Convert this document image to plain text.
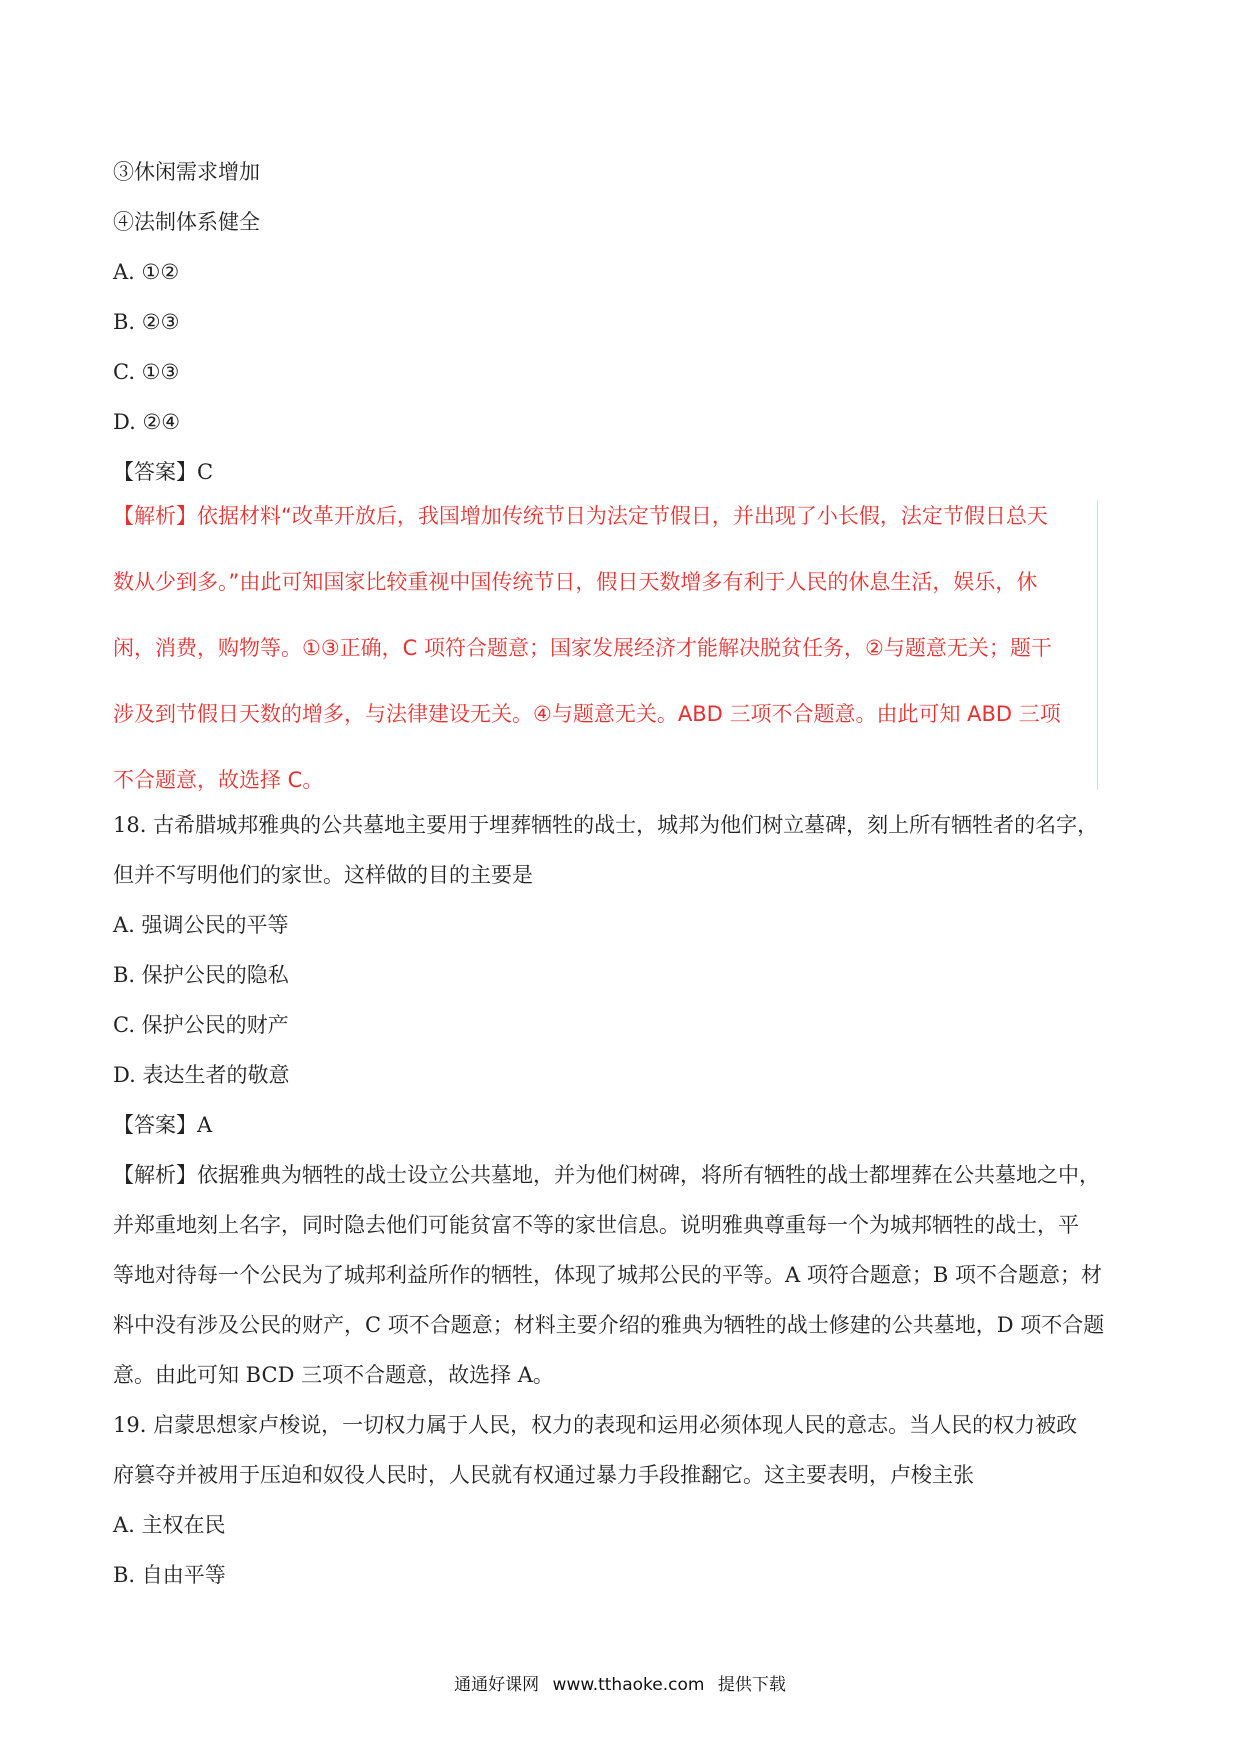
③休闲需求增加
④法制体系健全
A. ①②
B. ②③
C. ①③
D. ②④
【答案】C
【解析】依据材料“改革开放后，我国增加传统节日为法定节假日，并出现了小长假，法定节假日总天
数从少到多。”由此可知国家比较重视中国传统节日，假日天数增多有利于人民的休息生活，娱乐，休
闲，消费，购物等。①③正确，C 项符合题意；国家发展经济才能解决脱贫任务，②与题意无关；题干
涉及到节假日天数的增多，与法律建设无关。④与题意无关。ABD 三项不合题意。由此可知 ABD 三项
不合题意，故选择 C。
18. 古希腊城邦雅典的公共墓地主要用于埋葬牺牲的战士，城邦为他们树立墓碑，刻上所有牺牲者的名字，
但并不写明他们的家世。这样做的目的主要是
A. 强调公民的平等
B. 保护公民的隐私
C. 保护公民的财产
D. 表达生者的敬意
【答案】A
【解析】依据雅典为牺牲的战士设立公共墓地，并为他们树碑，将所有牺牲的战士都埋葬在公共墓地之中，
并郑重地刻上名字，同时隐去他们可能贫富不等的家世信息。说明雅典尊重每一个为城邦牺牲的战士，平
等地对待每一个公民为了城邦利益所作的牺牲，体现了城邦公民的平等。A 项符合题意；B 项不合题意；材
料中没有涉及公民的财产，C 项不合题意；材料主要介绍的雅典为牺牲的战士修建的公共墓地，D 项不合题
意。由此可知 BCD 三项不合题意，故选择 A。
19. 启蒙思想家卢梭说，一切权力属于人民，权力的表现和运用必须体现人民的意志。当人民的权力被政
府篡夺并被用于压迫和奴役人民时，人民就有权通过暴力手段推翻它。这主要表明，卢梭主张
A. 主权在民
B. 自由平等
通通好课网 www.tthaoke.com 提供下载
